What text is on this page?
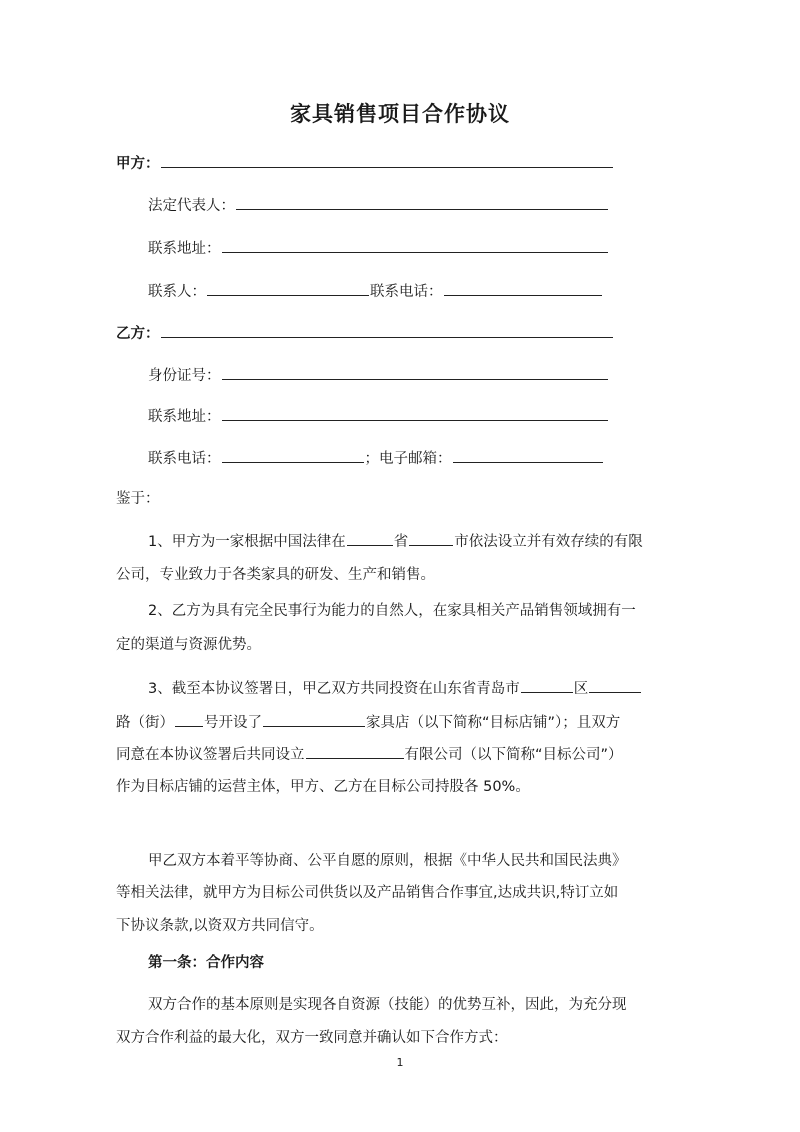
家具销售项目合作协议
甲方：
法定代表人：
联系地址：
联系人：	联系电话：
乙方：
身份证号：
联系地址：
联系电话：	；电子邮箱：
鉴于：
1、甲方为一家根据中国法律在	省	市依法设立并有效存续的有限
公司，专业致力于各类家具的研发、生产和销售。
2、乙方为具有完全民事行为能力的自然人，在家具相关产品销售领域拥有一
定的渠道与资源优势。
3、截至本协议签署日，甲乙双方共同投资在山东省青岛市	区
路（街） 号开设了	家具店（以下简称“目标店铺”）；且双方
同意在本协议签署后共同设立	有限公司（以下简称“目标公司”）
作为目标店铺的运营主体，甲方、乙方在目标公司持股各 50%。
甲乙双方本着平等协商、公平自愿的原则，根据《中华人民共和国民法典》
等相关法律，就甲方为目标公司供货以及产品销售合作事宜,达成共识,特订立如
下协议条款,以资双方共同信守。
第一条：合作内容
双方合作的基本原则是实现各自资源（技能）的优势互补，因此，为充分现
双方合作利益的最大化，双方一致同意并确认如下合作方式：
1
